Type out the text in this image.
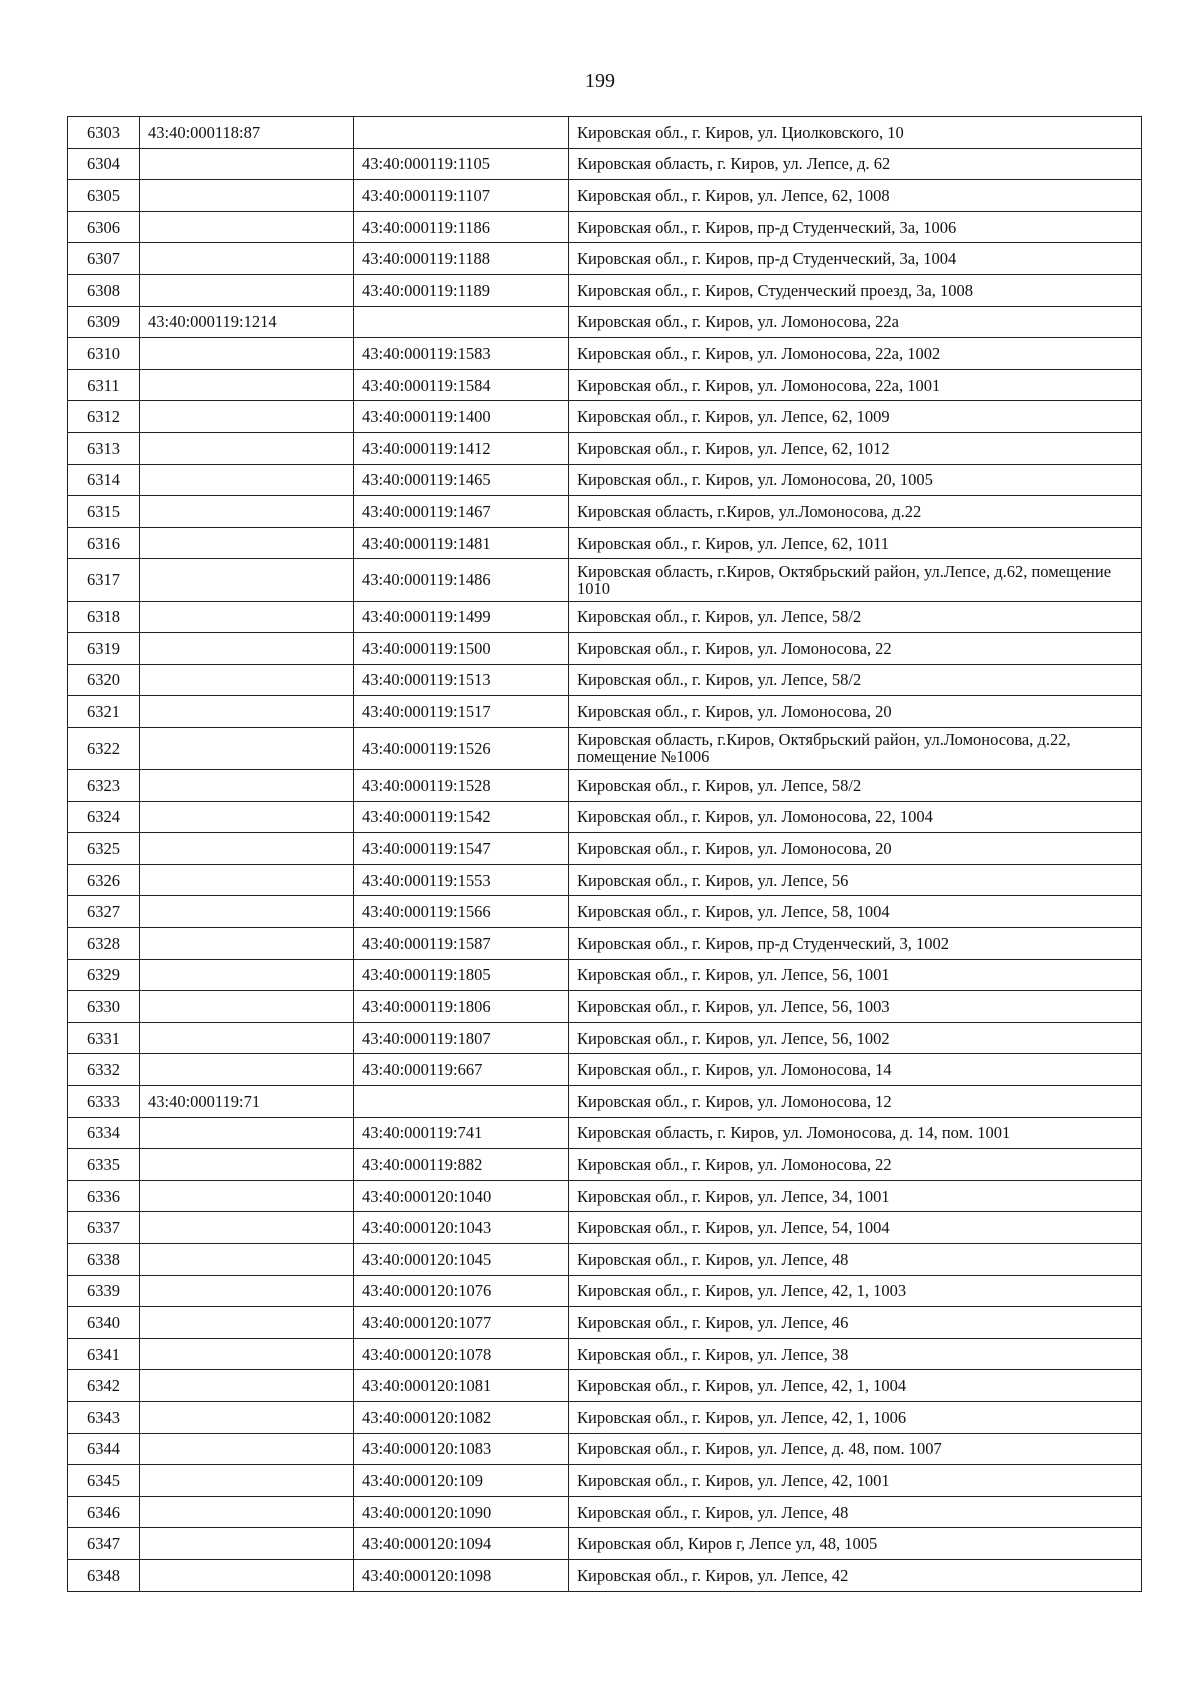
199
6303	43:40:000118:87		Кировская обл., г. Киров, ул. Циолковского, 10
6304		43:40:000119:1105	Кировская область, г. Киров, ул. Лепсе, д. 62
6305		43:40:000119:1107	Кировская обл., г. Киров, ул. Лепсе, 62, 1008
6306		43:40:000119:1186	Кировская обл., г. Киров, пр-д Студенческий, 3а, 1006
6307		43:40:000119:1188	Кировская обл., г. Киров, пр-д Студенческий, 3а, 1004
6308		43:40:000119:1189	Кировская обл., г. Киров, Студенческий проезд, 3а, 1008
6309	43:40:000119:1214		Кировская обл., г. Киров, ул. Ломоносова, 22а
6310		43:40:000119:1583	Кировская обл., г. Киров, ул. Ломоносова, 22а, 1002
6311		43:40:000119:1584	Кировская обл., г. Киров, ул. Ломоносова, 22а, 1001
6312		43:40:000119:1400	Кировская обл., г. Киров, ул. Лепсе, 62, 1009
6313		43:40:000119:1412	Кировская обл., г. Киров, ул. Лепсе, 62, 1012
6314		43:40:000119:1465	Кировская обл., г. Киров, ул. Ломоносова, 20, 1005
6315		43:40:000119:1467	Кировская область, г.Киров, ул.Ломоносова, д.22
6316		43:40:000119:1481	Кировская обл., г. Киров, ул. Лепсе, 62, 1011
6317		43:40:000119:1486	Кировская область, г.Киров, Октябрьский район, ул.Лепсе, д.62, помещение 1010
6318		43:40:000119:1499	Кировская обл., г. Киров, ул. Лепсе, 58/2
6319		43:40:000119:1500	Кировская обл., г. Киров, ул. Ломоносова, 22
6320		43:40:000119:1513	Кировская обл., г. Киров, ул. Лепсе, 58/2
6321		43:40:000119:1517	Кировская обл., г. Киров, ул. Ломоносова, 20
6322		43:40:000119:1526	Кировская область, г.Киров, Октябрьский район, ул.Ломоносова, д.22, помещение №1006
6323		43:40:000119:1528	Кировская обл., г. Киров, ул. Лепсе, 58/2
6324		43:40:000119:1542	Кировская обл., г. Киров, ул. Ломоносова, 22, 1004
6325		43:40:000119:1547	Кировская обл., г. Киров, ул. Ломоносова, 20
6326		43:40:000119:1553	Кировская обл., г. Киров, ул. Лепсе, 56
6327		43:40:000119:1566	Кировская обл., г. Киров, ул. Лепсе, 58, 1004
6328		43:40:000119:1587	Кировская обл., г. Киров, пр-д Студенческий, 3, 1002
6329		43:40:000119:1805	Кировская обл., г. Киров, ул. Лепсе, 56, 1001
6330		43:40:000119:1806	Кировская обл., г. Киров, ул. Лепсе, 56, 1003
6331		43:40:000119:1807	Кировская обл., г. Киров, ул. Лепсе, 56, 1002
6332		43:40:000119:667	Кировская обл., г. Киров, ул. Ломоносова, 14
6333	43:40:000119:71		Кировская обл., г. Киров, ул. Ломоносова, 12
6334		43:40:000119:741	Кировская область, г. Киров, ул. Ломоносова, д. 14, пом. 1001
6335		43:40:000119:882	Кировская обл., г. Киров, ул. Ломоносова, 22
6336		43:40:000120:1040	Кировская обл., г. Киров, ул. Лепсе, 34, 1001
6337		43:40:000120:1043	Кировская обл., г. Киров, ул. Лепсе, 54, 1004
6338		43:40:000120:1045	Кировская обл., г. Киров, ул. Лепсе, 48
6339		43:40:000120:1076	Кировская обл., г. Киров, ул. Лепсе, 42, 1, 1003
6340		43:40:000120:1077	Кировская обл., г. Киров, ул. Лепсе, 46
6341		43:40:000120:1078	Кировская обл., г. Киров, ул. Лепсе, 38
6342		43:40:000120:1081	Кировская обл., г. Киров, ул. Лепсе, 42, 1, 1004
6343		43:40:000120:1082	Кировская обл., г. Киров, ул. Лепсе, 42, 1, 1006
6344		43:40:000120:1083	Кировская обл., г. Киров, ул. Лепсе, д. 48, пом. 1007
6345		43:40:000120:109	Кировская обл., г. Киров, ул. Лепсе, 42, 1001
6346		43:40:000120:1090	Кировская обл., г. Киров, ул. Лепсе, 48
6347		43:40:000120:1094	Кировская обл, Киров г, Лепсе ул, 48, 1005
6348		43:40:000120:1098	Кировская обл., г. Киров, ул. Лепсе, 42
